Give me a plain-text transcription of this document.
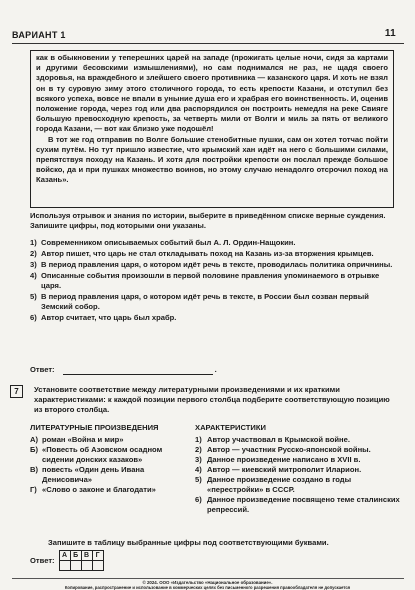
ВАРИАНТ 1	11

как в обыкновении у теперешних царей на западе (прожигать целые ночи, сидя за картами и другими бесовскими измышлениями), но сам поднимался не раз, не щадя своего здоровья, на враждебного и злейшего своего противника — казанского царя. И хоть не взял он в ту суровую зиму этого столичного города, то есть крепости Казани, и отступил без всякого успеха, вовсе не впали в уныние душа его и храбрая его воинственность. И, оценив положение города, через год или два распорядился он построить немедля на реке Свияге большую превосходную крепость, за четверть мили от Волги и миль за пять от великого города Казани, — вот как близко уже подошёл!

В тот же год отправив по Волге большие стенобитные пушки, сам он хотел тотчас пойти сухим путём. Но тут пришло известие, что крымский хан идёт на него с большими силами, препятствуя походу на Казань. И хотя для постройки крепости он послал прежде большое войско, да и при пушках множество воинов, но этому случаю ненадолго отсрочил поход на Казань».

Используя отрывок и знания по истории, выберите в приведённом списке верные суждения.
Запишите цифры, под которыми они указаны.
1) Современником описываемых событий был А. Л. Ордин-Нащокин.
2) Автор пишет, что царь не стал откладывать поход на Казань из-за вторжения крымцев.
3) В период правления царя, о котором идёт речь в тексте, проводилась политика опричнины.
4) Описанные события произошли в первой половине правления упоминаемого в отрывке царя.
5) В период правления царя, о котором идёт речь в тексте, в России был созван первый Земский собор.
6) Автор считает, что царь был храбр.
Ответ:	.
7	Установите соответствие между литературными произведениями и их краткими характеристиками: к каждой позиции первого столбца подберите соответствующую позицию из второго столбца.
ЛИТЕРАТУРНЫЕ ПРОИЗВЕДЕНИЯ
А) роман «Война и мир»
Б) «Повесть об Азовском осадном сидении донских казаков»
В) повесть «Один день Ивана Денисовича»
Г) «Слово о законе и благодати»
ХАРАКТЕРИСТИКИ
1) Автор участвовал в Крымской войне.
2) Автор — участник Русско-японской войны.
3) Данное произведение написано в XVII в.
4) Автор — киевский митрополит Иларион.
5) Данное произведение создано в годы «перестройки» в СССР.
6) Данное произведение посвящено теме сталинских репрессий.
Запишите в таблицу выбранные цифры под соответствующими буквами.
Ответ:
А	Б	В	Г

© 2024. ООО «Издательство «Национальное образование».
Копирование, распространение и использование в коммерческих целях без письменного разрешения правообладателя не допускается
